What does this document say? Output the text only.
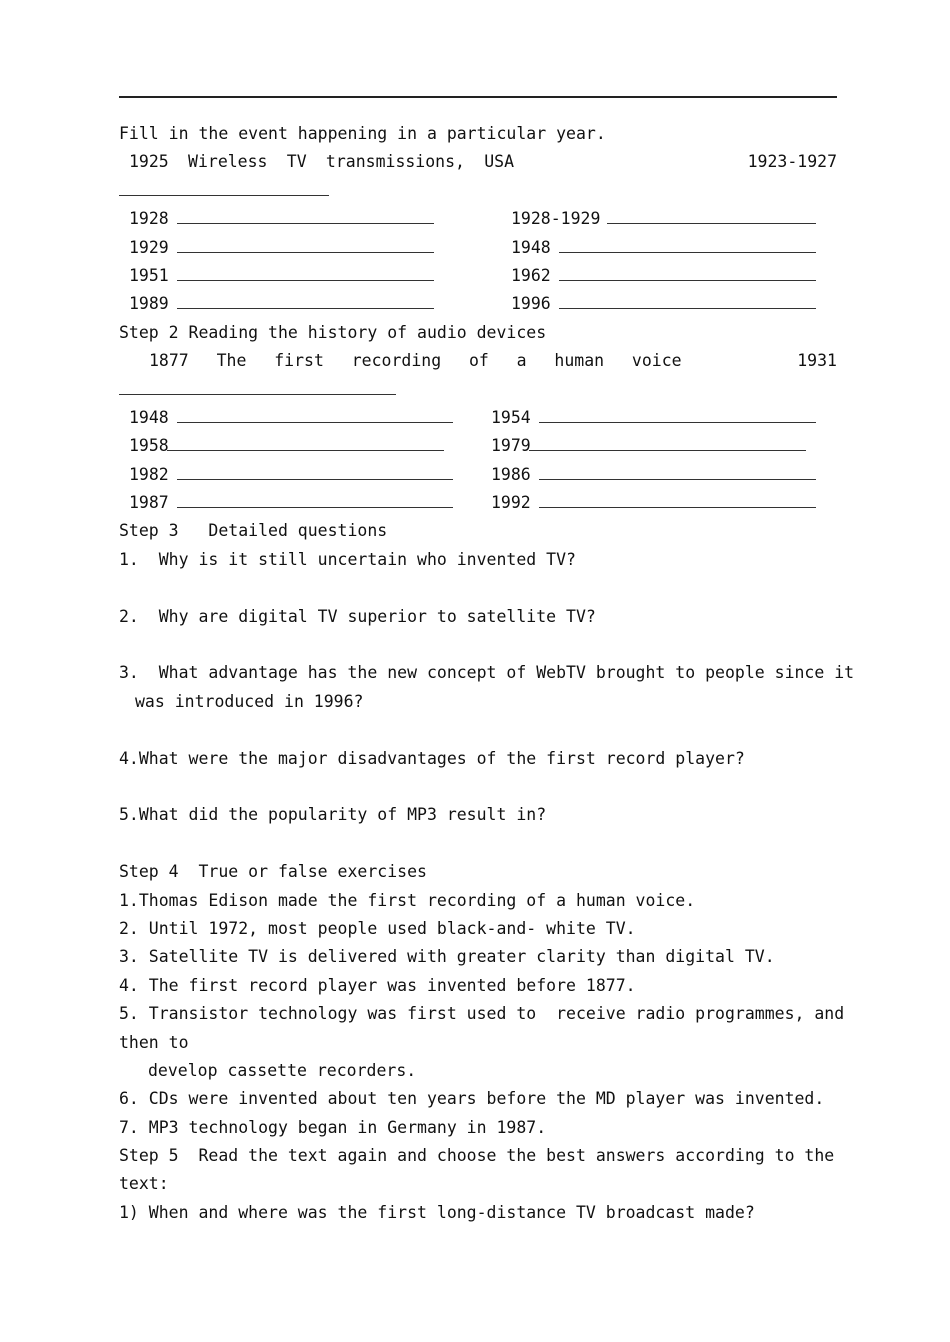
Fill in the event happening in a particular year.
1925 Wireless TV transmissions, USA	1923-1927
1928	1928-1929
1929	1948
1951	1962
1989	1996
Step 2 Reading the history of audio devices
1877 The first recording of a human voice	1931
1948	1954
1958	1979
1982	1986
1987	1992
Step 3   Detailed questions
1.  Why is it still uncertain who invented TV?
2.  Why are digital TV superior to satellite TV?
3.  What advantage has the new concept of WebTV brought to people since it
was introduced in 1996?
4.What were the major disadvantages of the first record player?
5.What did the popularity of MP3 result in?
Step 4  True or false exercises
1.Thomas Edison made the first recording of a human voice.
2. Until 1972, most people used black-and- white TV.
3. Satellite TV is delivered with greater clarity than digital TV.
4. The first record player was invented before 1877.
5. Transistor technology was first used to  receive radio programmes, and
then to
develop cassette recorders.
6. CDs were invented about ten years before the MD player was invented.
7. MP3 technology began in Germany in 1987.
Step 5  Read the text again and choose the best answers according to the
text:
1) When and where was the first long-distance TV broadcast made?
